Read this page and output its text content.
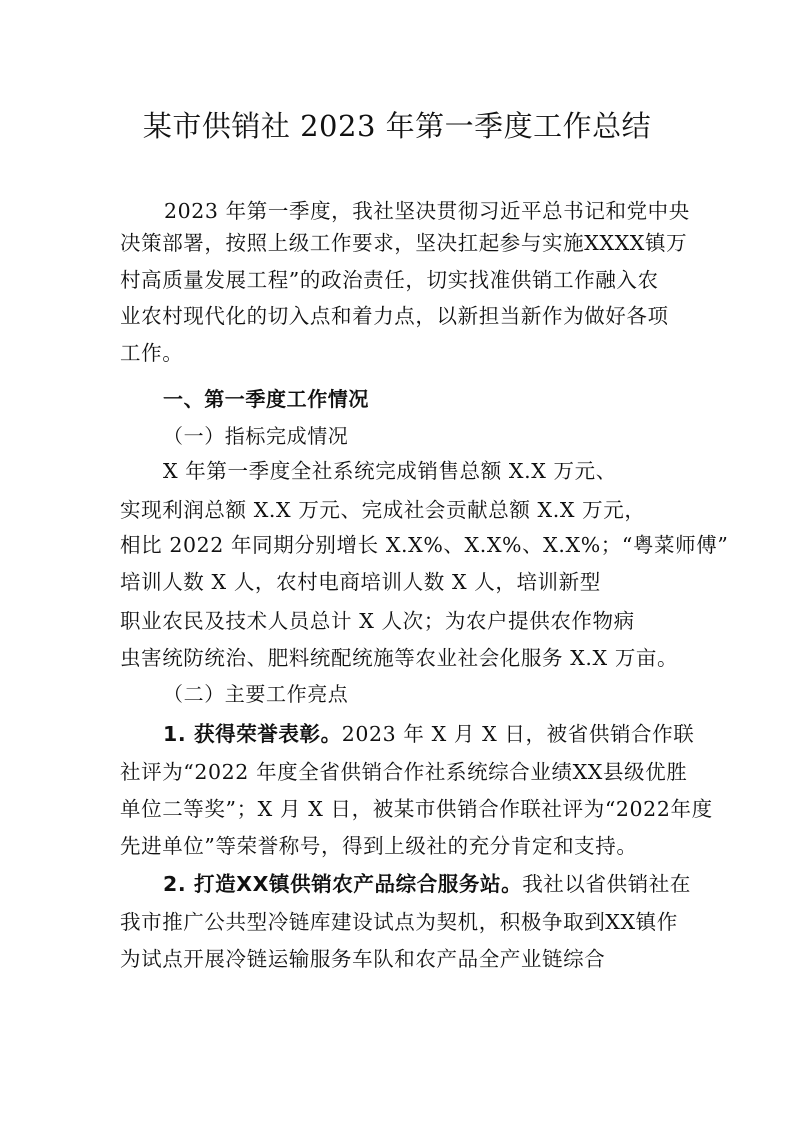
某市供销社 2023 年第一季度工作总结
2023 年第一季度，我社坚决贯彻习近平总书记和党中央
决策部署，按照上级工作要求，坚决扛起参与实施XXXX镇万
村高质量发展工程”的政治责任，切实找准供销工作融入农
业农村现代化的切入点和着力点，以新担当新作为做好各项
工作。
一、第一季度工作情况
（一）指标完成情况
X 年第一季度全社系统完成销售总额 X.X 万元、
实现利润总额 X.X 万元、完成社会贡献总额 X.X 万元，
相比 2022 年同期分别增长 X.X%、X.X%、X.X%；“粤菜师傅”
培训人数 X 人，农村电商培训人数 X 人，培训新型
职业农民及技术人员总计 X 人次；为农户提供农作物病
虫害统防统治、肥料统配统施等农业社会化服务 X.X 万亩。
（二）主要工作亮点
1. 获得荣誉表彰。2023 年 X 月 X 日，被省供销合作联
社评为“2022 年度全省供销合作社系统综合业绩XX县级优胜
单位二等奖”；X 月 X 日，被某市供销合作联社评为“2022年度
先进单位”等荣誉称号，得到上级社的充分肯定和支持。
2. 打造XX镇供销农产品综合服务站。我社以省供销社在
我市推广公共型冷链库建设试点为契机，积极争取到XX镇作
为试点开展冷链运输服务车队和农产品全产业链综合
